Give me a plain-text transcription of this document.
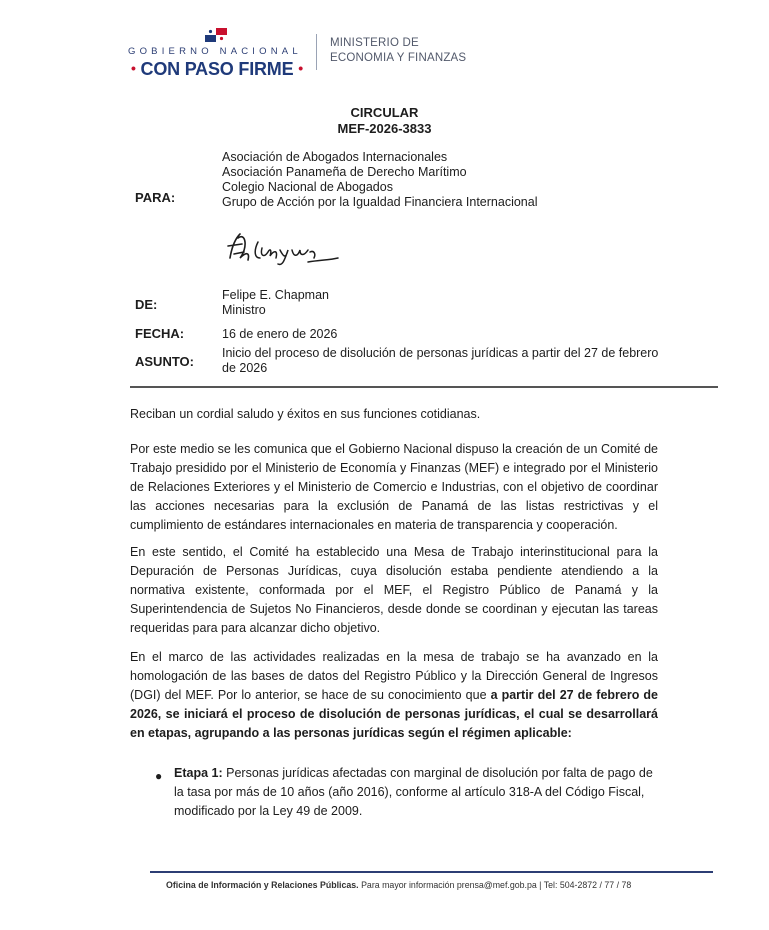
GOBIERNO NACIONAL
• CON PASO FIRME •
MINISTERIO DE
ECONOMIA Y FINANZAS
CIRCULAR
MEF-2026-3833
Asociación de Abogados Internacionales
Asociación Panameña de Derecho Marítimo
Colegio Nacional de Abogados
Grupo de Acción por la Igualdad Financiera Internacional
PARA:
DE:
Felipe E. Chapman
Ministro
FECHA:	16 de enero de 2026
ASUNTO:
Inicio del proceso de disolución de personas jurídicas a partir del 27 de febrero
de 2026
Reciban un cordial saludo y éxitos en sus funciones cotidianas.
Por este medio se les comunica que el Gobierno Nacional dispuso la creación de un Comité de Trabajo presidido por el Ministerio de Economía y Finanzas (MEF) e integrado por el Ministerio de Relaciones Exteriores y el Ministerio de Comercio e Industrias, con el objetivo de coordinar las acciones necesarias para la exclusión de Panamá de las listas restrictivas y el cumplimiento de estándares internacionales en materia de transparencia y cooperación.
En este sentido, el Comité ha establecido una Mesa de Trabajo interinstitucional para la Depuración de Personas Jurídicas, cuya disolución estaba pendiente atendiendo a la normativa existente, conformada por el MEF, el Registro Público de Panamá y la Superintendencia de Sujetos No Financieros, desde donde se coordinan y ejecutan las tareas requeridas para para alcanzar dicho objetivo.
En el marco de las actividades realizadas en la mesa de trabajo se ha avanzado en la homologación de las bases de datos del Registro Público y la Dirección General de Ingresos (DGI) del MEF. Por lo anterior, se hace de su conocimiento que a partir del 27 de febrero de 2026, se iniciará el proceso de disolución de personas jurídicas, el cual se desarrollará en etapas, agrupando a las personas jurídicas según el régimen aplicable:
● Etapa 1: Personas jurídicas afectadas con marginal de disolución por falta de pago de la tasa por más de 10 años (año 2016), conforme al artículo 318-A del Código Fiscal, modificado por la Ley 49 de 2009.
Oficina de Información y Relaciones Públicas. Para mayor información prensa@mef.gob.pa | Tel: 504-2872 / 77 / 78
